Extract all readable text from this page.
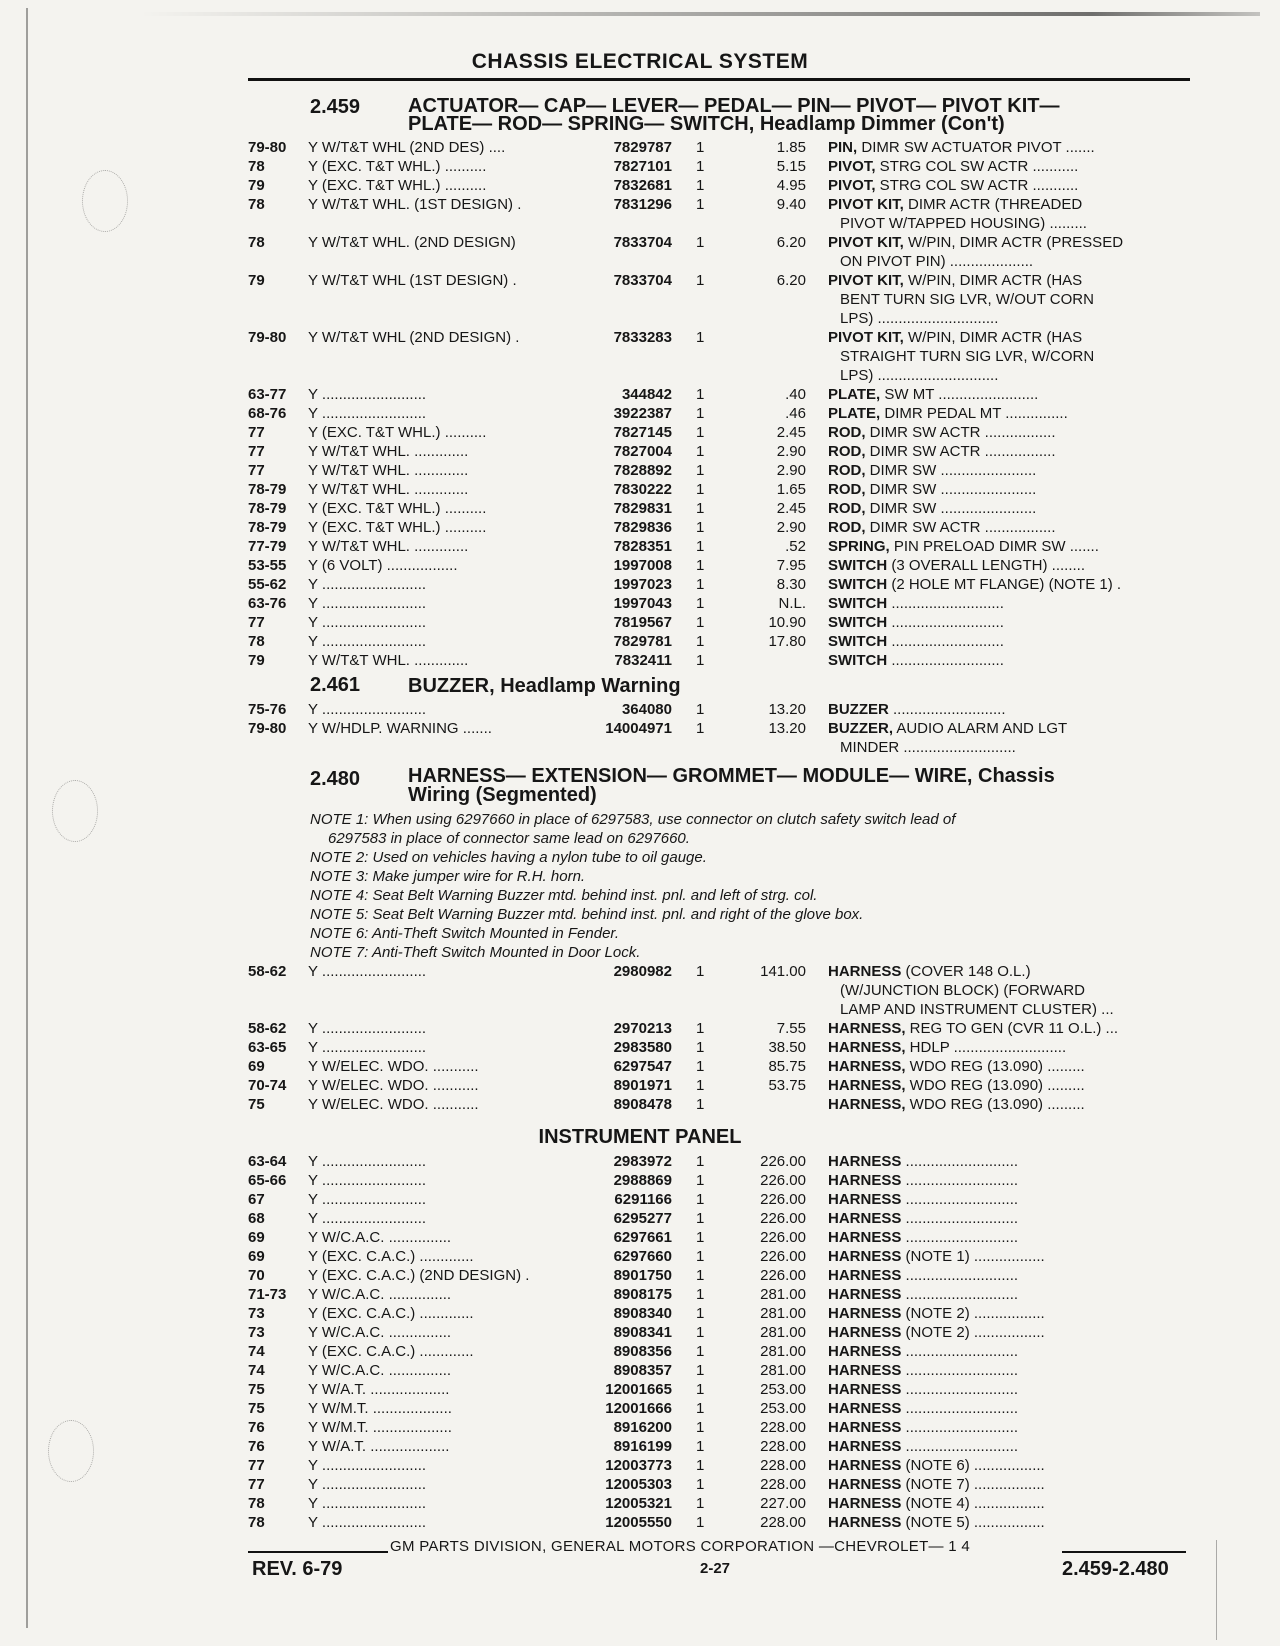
CHASSIS ELECTRICAL SYSTEM
2.459 ACTUATOR— CAP— LEVER— PEDAL— PIN— PIVOT— PIVOT KIT—
PLATE— ROD— SPRING— SWITCH, Headlamp Dimmer (Con't)
79-80	Y W/T&T WHL (2ND DES) ....	7829787 1	1.85 PIN, DIMR SW ACTUATOR PIVOT .......
78	Y (EXC. T&T WHL.) ..........	7827101 1	5.15 PIVOT, STRG COL SW ACTR ...........
79	Y (EXC. T&T WHL.) ..........	7832681 1	4.95 PIVOT, STRG COL SW ACTR ...........
78	Y W/T&T WHL. (1ST DESIGN) .	7831296 1	9.40 PIVOT KIT, DIMR ACTR (THREADED
PIVOT W/TAPPED HOUSING) .........
78	Y W/T&T WHL. (2ND DESIGN)	7833704 1	6.20 PIVOT KIT, W/PIN, DIMR ACTR (PRESSED
ON PIVOT PIN) ....................
79	Y W/T&T WHL (1ST DESIGN) .	7833704 1	6.20 PIVOT KIT, W/PIN, DIMR ACTR (HAS
BENT TURN SIG LVR, W/OUT CORN
LPS) .............................
79-80	Y W/T&T WHL (2ND DESIGN) .	7833283 1	PIVOT KIT, W/PIN, DIMR ACTR (HAS
STRAIGHT TURN SIG LVR, W/CORN
LPS) .............................
63-77	Y .........................	344842 1	.40 PLATE, SW MT ........................
68-76	Y .........................	3922387 1	.46 PLATE, DIMR PEDAL MT ...............
77	Y (EXC. T&T WHL.) ..........	7827145 1	2.45 ROD, DIMR SW ACTR .................
77	Y W/T&T WHL. .............	7827004 1	2.90 ROD, DIMR SW ACTR .................
77	Y W/T&T WHL. .............	7828892 1	2.90 ROD, DIMR SW .......................
78-79	Y W/T&T WHL. .............	7830222 1	1.65 ROD, DIMR SW .......................
78-79	Y (EXC. T&T WHL.) ..........	7829831 1	2.45 ROD, DIMR SW .......................
78-79	Y (EXC. T&T WHL.) ..........	7829836 1	2.90 ROD, DIMR SW ACTR .................
77-79	Y W/T&T WHL. .............	7828351 1	.52 SPRING, PIN PRELOAD DIMR SW .......
53-55	Y (6 VOLT) .................	1997008 1	7.95 SWITCH (3 OVERALL LENGTH) ........
55-62	Y .........................	1997023 1	8.30 SWITCH (2 HOLE MT FLANGE) (NOTE 1) .
63-76	Y .........................	1997043 1	N.L. SWITCH ...........................
77	Y .........................	7819567 1	10.90 SWITCH ...........................
78	Y .........................	7829781 1	17.80 SWITCH ...........................
79	Y W/T&T WHL. .............	7832411 1	SWITCH ...........................
2.461 BUZZER, Headlamp Warning
75-76	Y .........................	364080 1	13.20 BUZZER ...........................
79-80	Y W/HDLP. WARNING .......	14004971 1	13.20 BUZZER, AUDIO ALARM AND LGT
MINDER ...........................
2.480 HARNESS— EXTENSION— GROMMET— MODULE— WIRE, Chassis
Wiring (Segmented)
NOTE 1: When using 6297660 in place of 6297583, use connector on clutch safety switch lead of
6297583 in place of connector same lead on 6297660.
NOTE 2: Used on vehicles having a nylon tube to oil gauge.
NOTE 3: Make jumper wire for R.H. horn.
NOTE 4: Seat Belt Warning Buzzer mtd. behind inst. pnl. and left of strg. col.
NOTE 5: Seat Belt Warning Buzzer mtd. behind inst. pnl. and right of the glove box.
NOTE 6: Anti-Theft Switch Mounted in Fender.
NOTE 7: Anti-Theft Switch Mounted in Door Lock.
58-62	Y .........................	2980982 1	141.00 HARNESS (COVER 148 O.L.)
(W/JUNCTION BLOCK) (FORWARD
LAMP AND INSTRUMENT CLUSTER) ...
58-62	Y .........................	2970213 1	7.55 HARNESS, REG TO GEN (CVR 11 O.L.) ...
63-65	Y .........................	2983580 1	38.50 HARNESS, HDLP ...........................
69	Y W/ELEC. WDO. ...........	6297547 1	85.75 HARNESS, WDO REG (13.090) .........
70-74	Y W/ELEC. WDO. ...........	8901971 1	53.75 HARNESS, WDO REG (13.090) .........
75	Y W/ELEC. WDO. ...........	8908478 1	HARNESS, WDO REG (13.090) .........
INSTRUMENT PANEL
63-64	Y .........................	2983972 1	226.00 HARNESS ...........................
65-66	Y .........................	2988869 1	226.00 HARNESS ...........................
67	Y .........................	6291166 1	226.00 HARNESS ...........................
68	Y .........................	6295277 1	226.00 HARNESS ...........................
69	Y W/C.A.C. ...............	6297661 1	226.00 HARNESS ...........................
69	Y (EXC. C.A.C.) .............	6297660 1	226.00 HARNESS (NOTE 1) .................
70	Y (EXC. C.A.C.) (2ND DESIGN) .	8901750 1	226.00 HARNESS ...........................
71-73	Y W/C.A.C. ...............	8908175 1	281.00 HARNESS ...........................
73	Y (EXC. C.A.C.) .............	8908340 1	281.00 HARNESS (NOTE 2) .................
73	Y W/C.A.C. ...............	8908341 1	281.00 HARNESS (NOTE 2) .................
74	Y (EXC. C.A.C.) .............	8908356 1	281.00 HARNESS ...........................
74	Y W/C.A.C. ...............	8908357 1	281.00 HARNESS ...........................
75	Y W/A.T. ...................	12001665 1	253.00 HARNESS ...........................
75	Y W/M.T. ...................	12001666 1	253.00 HARNESS ...........................
76	Y W/M.T. ...................	8916200 1	228.00 HARNESS ...........................
76	Y W/A.T. ...................	8916199 1	228.00 HARNESS ...........................
77	Y .........................	12003773 1	228.00 HARNESS (NOTE 6) .................
77	Y .........................	12005303 1	228.00 HARNESS (NOTE 7) .................
78	Y .........................	12005321 1	227.00 HARNESS (NOTE 4) .................
78	Y .........................	12005550 1	228.00 HARNESS (NOTE 5) .................
GM PARTS DIVISION, GENERAL MOTORS CORPORATION —CHEVROLET— 1 4
REV. 6-79	2-27	2.459-2.480
